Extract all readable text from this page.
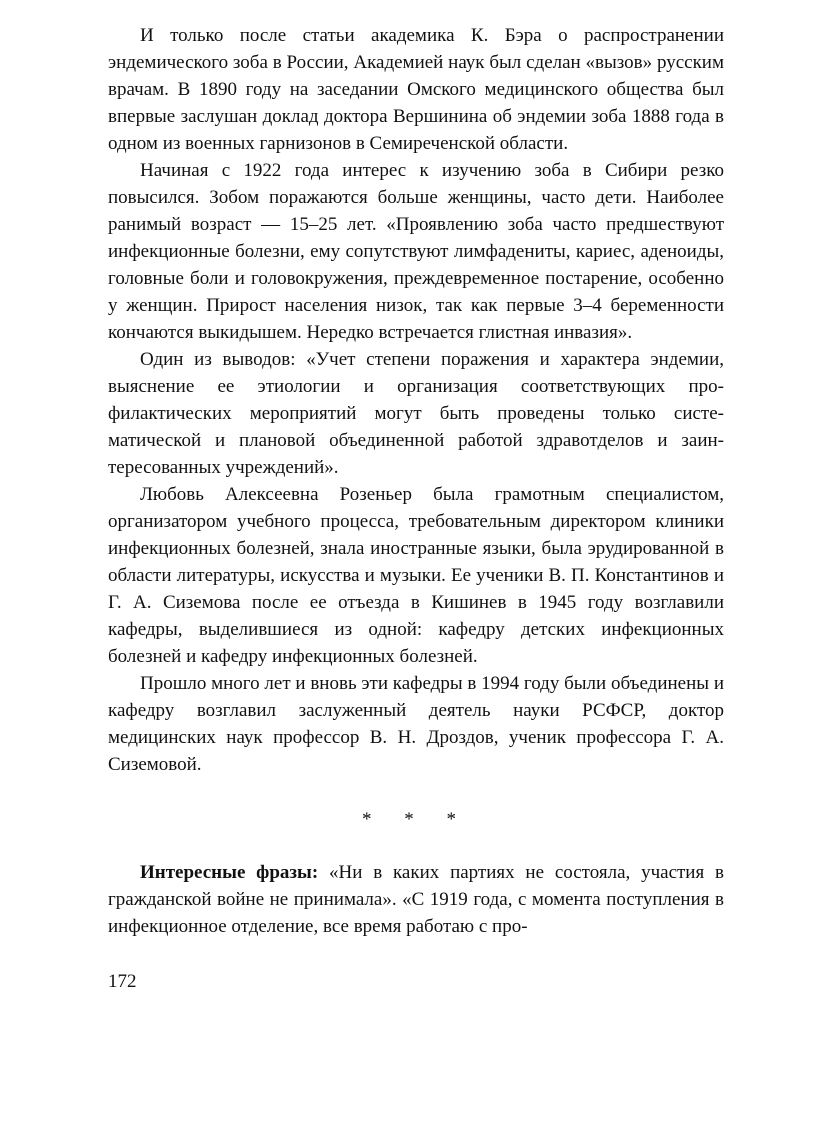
И только после статьи академика К. Бэра о распространении эндемического зоба в России, Академией наук был сделан «вызов» русским врачам. В 1890 году на заседании Омского медицинского общества был впервые заслушан доклад доктора Вершинина об эндемии зоба 1888 года в одном из военных гарнизонов в Семиреченской области.

Начиная с 1922 года интерес к изучению зоба в Сибири резко повысился. Зобом поражаются больше женщины, часто дети. Наиболее ранимый возраст — 15–25 лет. «Проявлению зоба часто предшествуют инфекционные болезни, ему сопутствуют лимфадениты, кариес, аденоиды, головные боли и головокружения, преждевременное постарение, особенно у женщин. Прирост населения низок, так как первые 3–4 беременности кончаются выкидышем. Нередко встречается глистная инвазия».

Один из выводов: «Учет степени поражения и характера эндемии, выяснение ее этиологии и организация соответствующих профилактических мероприятий могут быть проведены только систематической и плановой объединенной работой здравотделов и заинтересованных учреждений».

Любовь Алексеевна Розеньер была грамотным специалистом, организатором учебного процесса, требовательным директором клиники инфекционных болезней, знала иностранные языки, была эрудированной в области литературы, искусства и музыки. Ее ученики В. П. Константинов и Г. А. Сиземова после ее отъезда в Кишинев в 1945 году возглавили кафедры, выделившиеся из одной: кафедру детских инфекционных болезней и кафедру инфекционных болезней.

Прошло много лет и вновь эти кафедры в 1994 году были объединены и кафедру возглавил заслуженный деятель науки РСФСР, доктор медицинских наук профессор В. Н. Дроздов, ученик профессора Г. А. Сиземовой.

* * *

Интересные фразы: «Ни в каких партиях не состояла, участия в гражданской войне не принимала». «С 1919 года, с момента поступления в инфекционное отделение, все время работаю с про-

172
